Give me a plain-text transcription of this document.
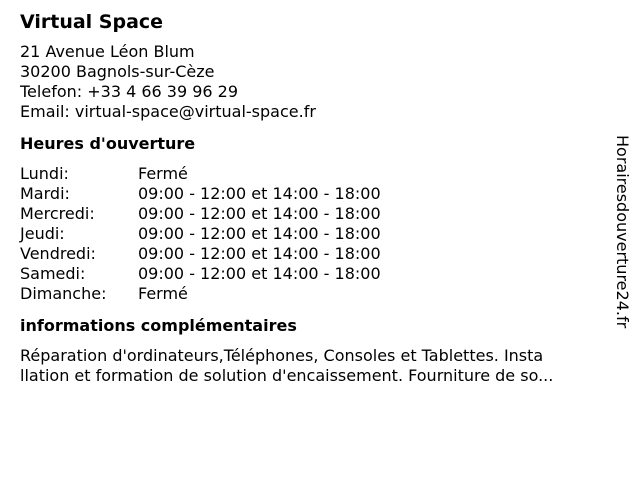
Virtual Space
21 Avenue Léon Blum
30200 Bagnols-sur-Cèze
Telefon: +33 4 66 39 96 29
Email: virtual-space@virtual-space.fr
Heures d'ouverture
Lundi:	Fermé
Mardi:	09:00 - 12:00 et 14:00 - 18:00
Mercredi:	09:00 - 12:00 et 14:00 - 18:00
Jeudi:	09:00 - 12:00 et 14:00 - 18:00
Vendredi:	09:00 - 12:00 et 14:00 - 18:00
Samedi:	09:00 - 12:00 et 14:00 - 18:00
Dimanche:	Fermé
informations complémentaires
Réparation d'ordinateurs,Téléphones, Consoles et Tablettes. Insta
llation et formation de solution d'encaissement. Fourniture de so...
Horairesdouverture24.fr
